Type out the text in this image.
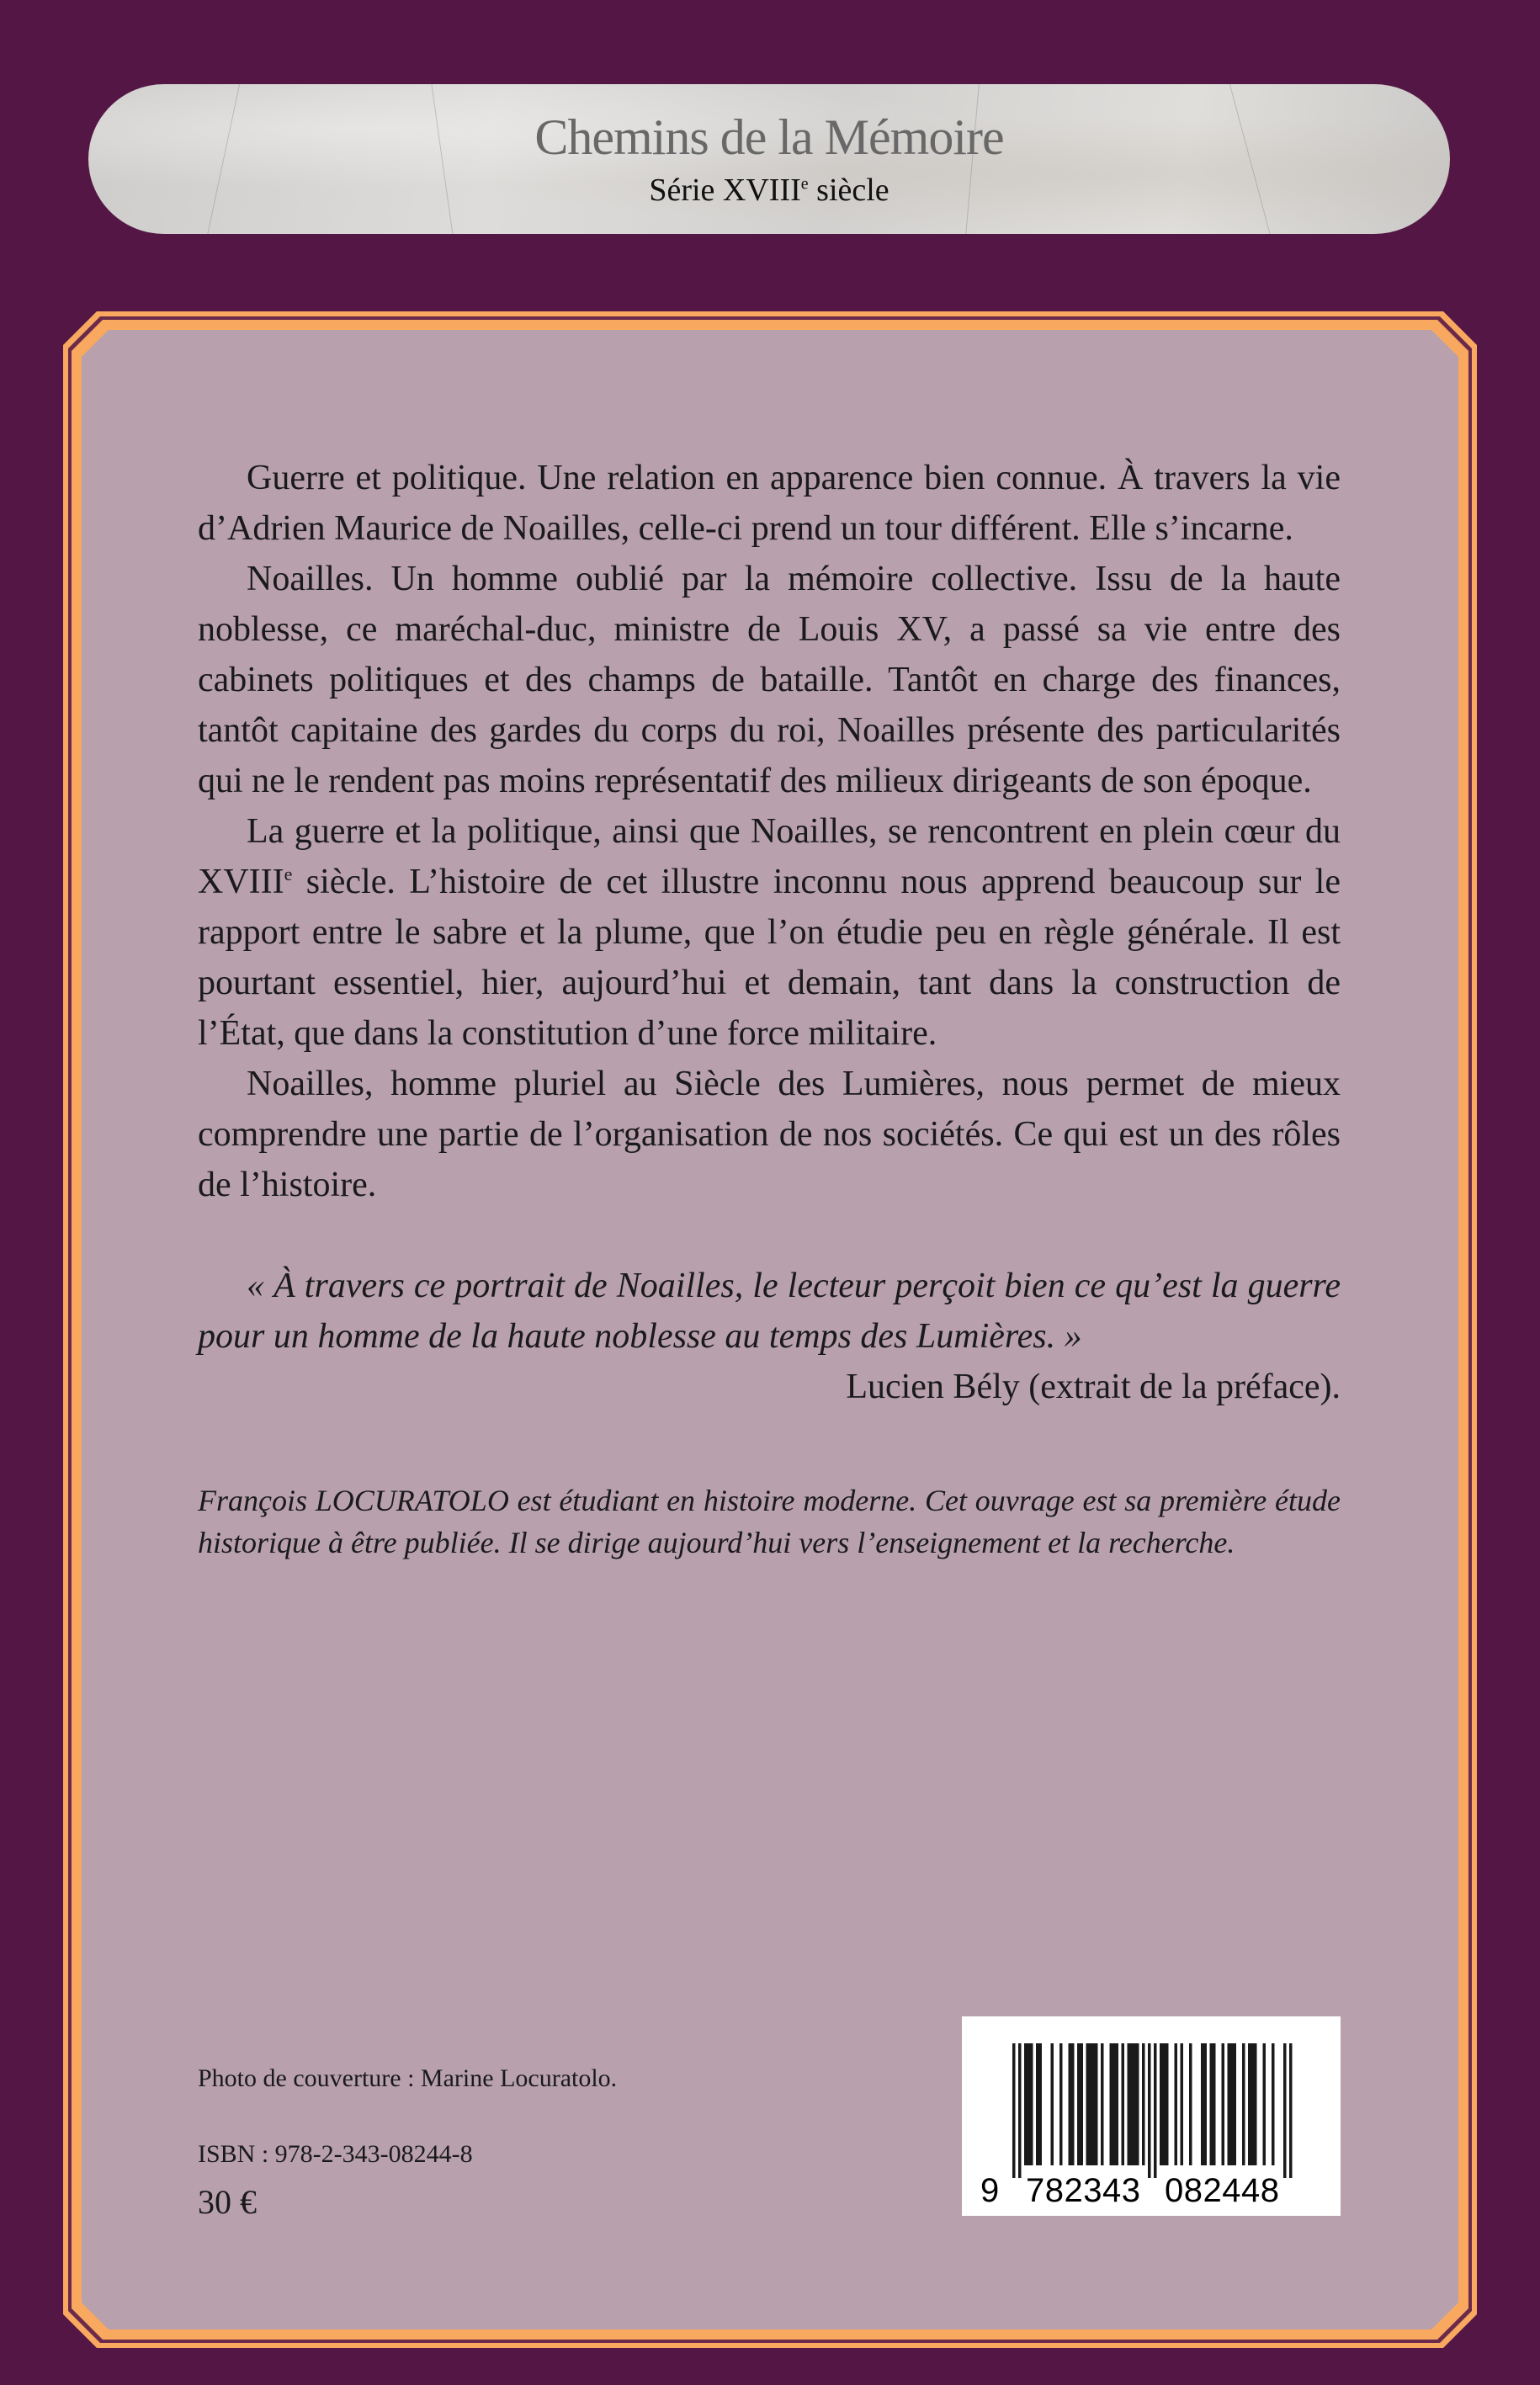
Chemins de la Mémoire
Série XVIIIe siècle

Guerre et politique. Une relation en apparence bien connue. À travers la vie d’Adrien Maurice de Noailles, celle-ci prend un tour différent. Elle s’incarne.

Noailles. Un homme oublié par la mémoire collective. Issu de la haute noblesse, ce maréchal-duc, ministre de Louis XV, a passé sa vie entre des cabinets politiques et des champs de bataille. Tantôt en charge des finances, tantôt capitaine des gardes du corps du roi, Noailles présente des particularités qui ne le rendent pas moins représentatif des milieux dirigeants de son époque.

La guerre et la politique, ainsi que Noailles, se rencontrent en plein cœur du XVIIIe siècle. L’histoire de cet illustre inconnu nous apprend beaucoup sur le rapport entre le sabre et la plume, que l’on étudie peu en règle générale. Il est pourtant essentiel, hier, aujourd’hui et demain, tant dans la construction de l’État, que dans la constitution d’une force militaire.

Noailles, homme pluriel au Siècle des Lumières, nous permet de mieux comprendre une partie de l’organisation de nos sociétés. Ce qui est un des rôles de l’histoire.

« À travers ce portrait de Noailles, le lecteur perçoit bien ce qu’est la guerre pour un homme de la haute noblesse au temps des Lumières. »
Lucien Bély (extrait de la préface).
François LOCURATOLO est étudiant en histoire moderne. Cet ouvrage est sa première étude historique à être publiée. Il se dirige aujourd’hui vers l’enseignement et la recherche.
Photo de couverture : Marine Locuratolo.
ISBN : 978-2-343-08244-8
30 €	9 782343 082448
